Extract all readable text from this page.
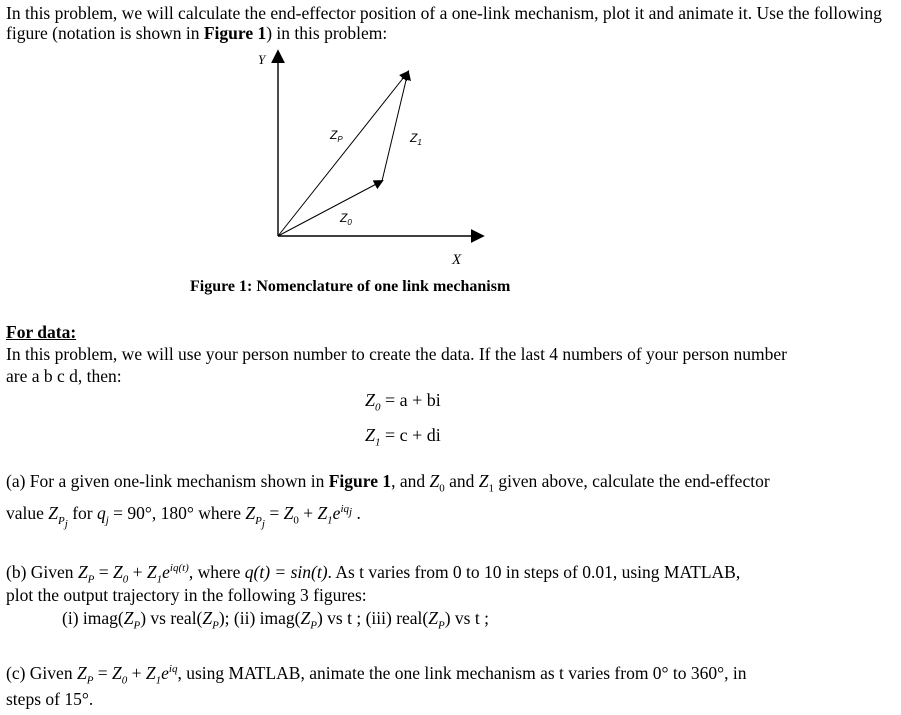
In this problem, we will calculate the end-effector position of a one-link mechanism, plot it and animate it. Use the following
figure (notation is shown in Figure 1) in this problem:
Y
X
$Z_P$	$Z_1$
$Z_0$
Figure 1: Nomenclature of one link mechanism
For data:
In this problem, we will use your person number to create the data. If the last 4 numbers of your person number
are a b c d, then:
$Z_0 = a$ + bi
$Z_1 = c$ + di
(a) For a given one-link mechanism shown in Figure 1, and $Z_0$ and $Z_1$ given above, calculate the end-effector
value $Z_{P_j}$ for $q_j = 90^\circ$, 180° where $Z_{P_j} = Z_0 + Z_1e^{iq_j}$ .
(b) Given $Z_P = Z_0 + Z_1e^{iq(t)}$, where q(t) = sin(t). As t varies from 0 to 10 in steps of 0.01, using MATLAB,
plot the output trajectory in the following 3 figures:
(i) $imag(Z_P)$ vs $real(Z_P)$; (ii) $imag(Z_P)$ vs t ; (iii) $real(Z_P)$ vs t ;
(c) Given $Z_P = Z_0 + Z_1e^{iq}$, using MATLAB, animate the one link mechanism as t varies from 0° to 360°, in
steps of 15°.
